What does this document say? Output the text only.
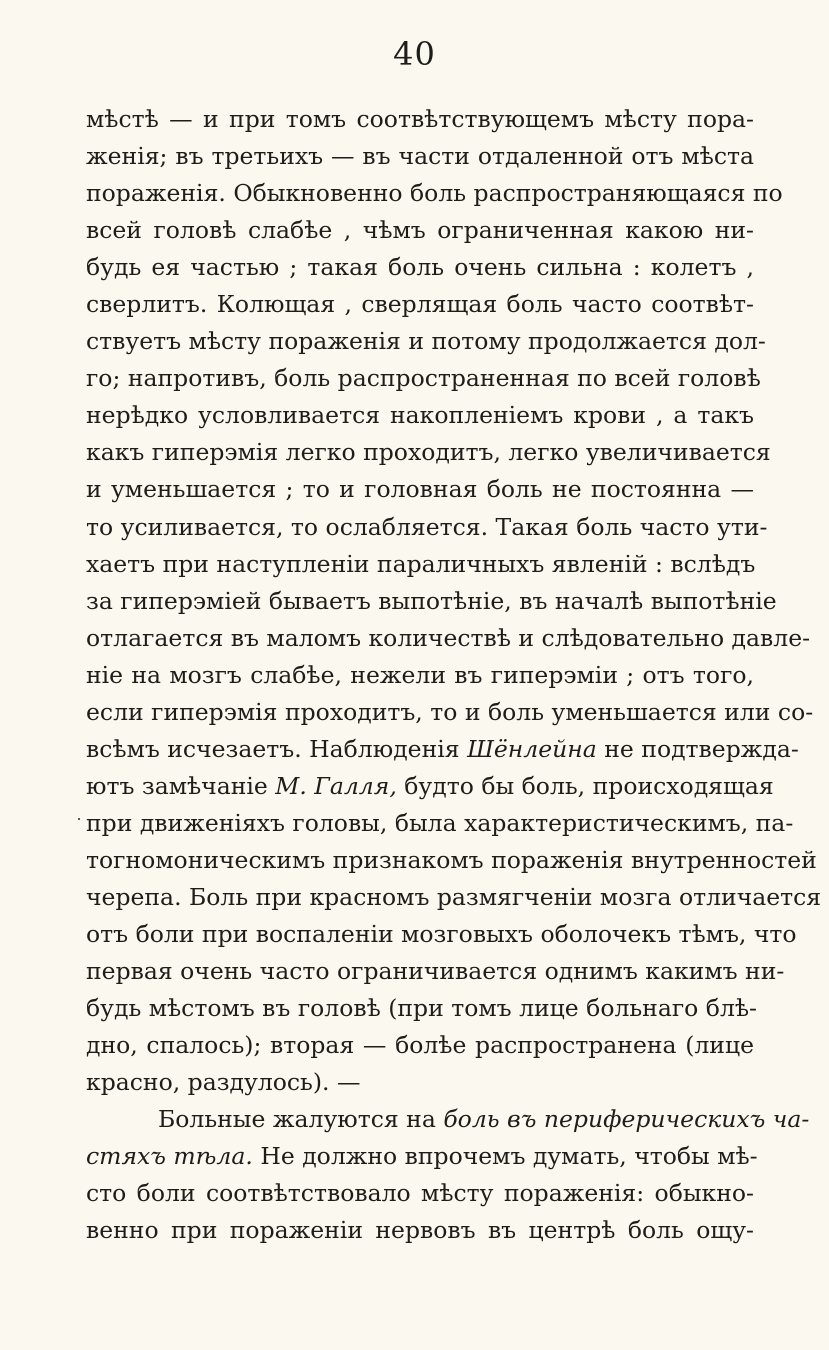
40
мѣстѣ — и при томъ соотвѣтствующемъ мѣсту пора-
женія; въ третьихъ — въ части отдаленной отъ мѣста
пораженія. Обыкновенно боль распространяющаяся по
всей головѣ слабѣе , чѣмъ ограниченная какою ни-
будь ея частью ; такая боль очень сильна : колетъ ,
сверлитъ. Колющая , сверлящая боль часто соотвѣт-
ствуетъ мѣсту пораженія и потому продолжается дол-
го; напротивъ, боль распространенная по всей головѣ
нерѣдко условливается накопленіемъ крови , а такъ
какъ гиперэмія легко проходитъ, легко увеличивается
и уменьшается ; то и головная боль не постоянна —
то усиливается, то ослабляется. Такая боль часто ути-
хаетъ при наступленіи параличныхъ явленій : вслѣдъ
за гиперэміей бываетъ выпотѣніе, въ началѣ выпотѣніе
отлагается въ маломъ количествѣ и слѣдовательно давле-
ніе на мозгъ слабѣе, нежели въ гиперэміи ; отъ того,
если гиперэмія проходитъ, то и боль уменьшается или со-
всѣмъ исчезаетъ. Наблюденія Шёнлейна не подтвержда-
ютъ замѣчаніе М. Галля, будто бы боль, происходящая
при движеніяхъ головы, была характеристическимъ, па-
тогномоническимъ признакомъ пораженія внутренностей
черепа. Боль при красномъ размягченіи мозга отличается
отъ боли при воспаленіи мозговыхъ оболочекъ тѣмъ, что
первая очень часто ограничивается однимъ какимъ ни-
будь мѣстомъ въ головѣ (при томъ лице больнаго блѣ-
дно, спалось); вторая — болѣе распространена (лице
красно, раздулось). —
Больные жалуются на боль въ периферическихъ ча-
стяхъ тѣла. Не должно впрочемъ думать, чтобы мѣ-
сто боли соотвѣтствовало мѣсту пораженія: обыкно-
венно при пораженіи нервовъ въ центрѣ боль ощу-
